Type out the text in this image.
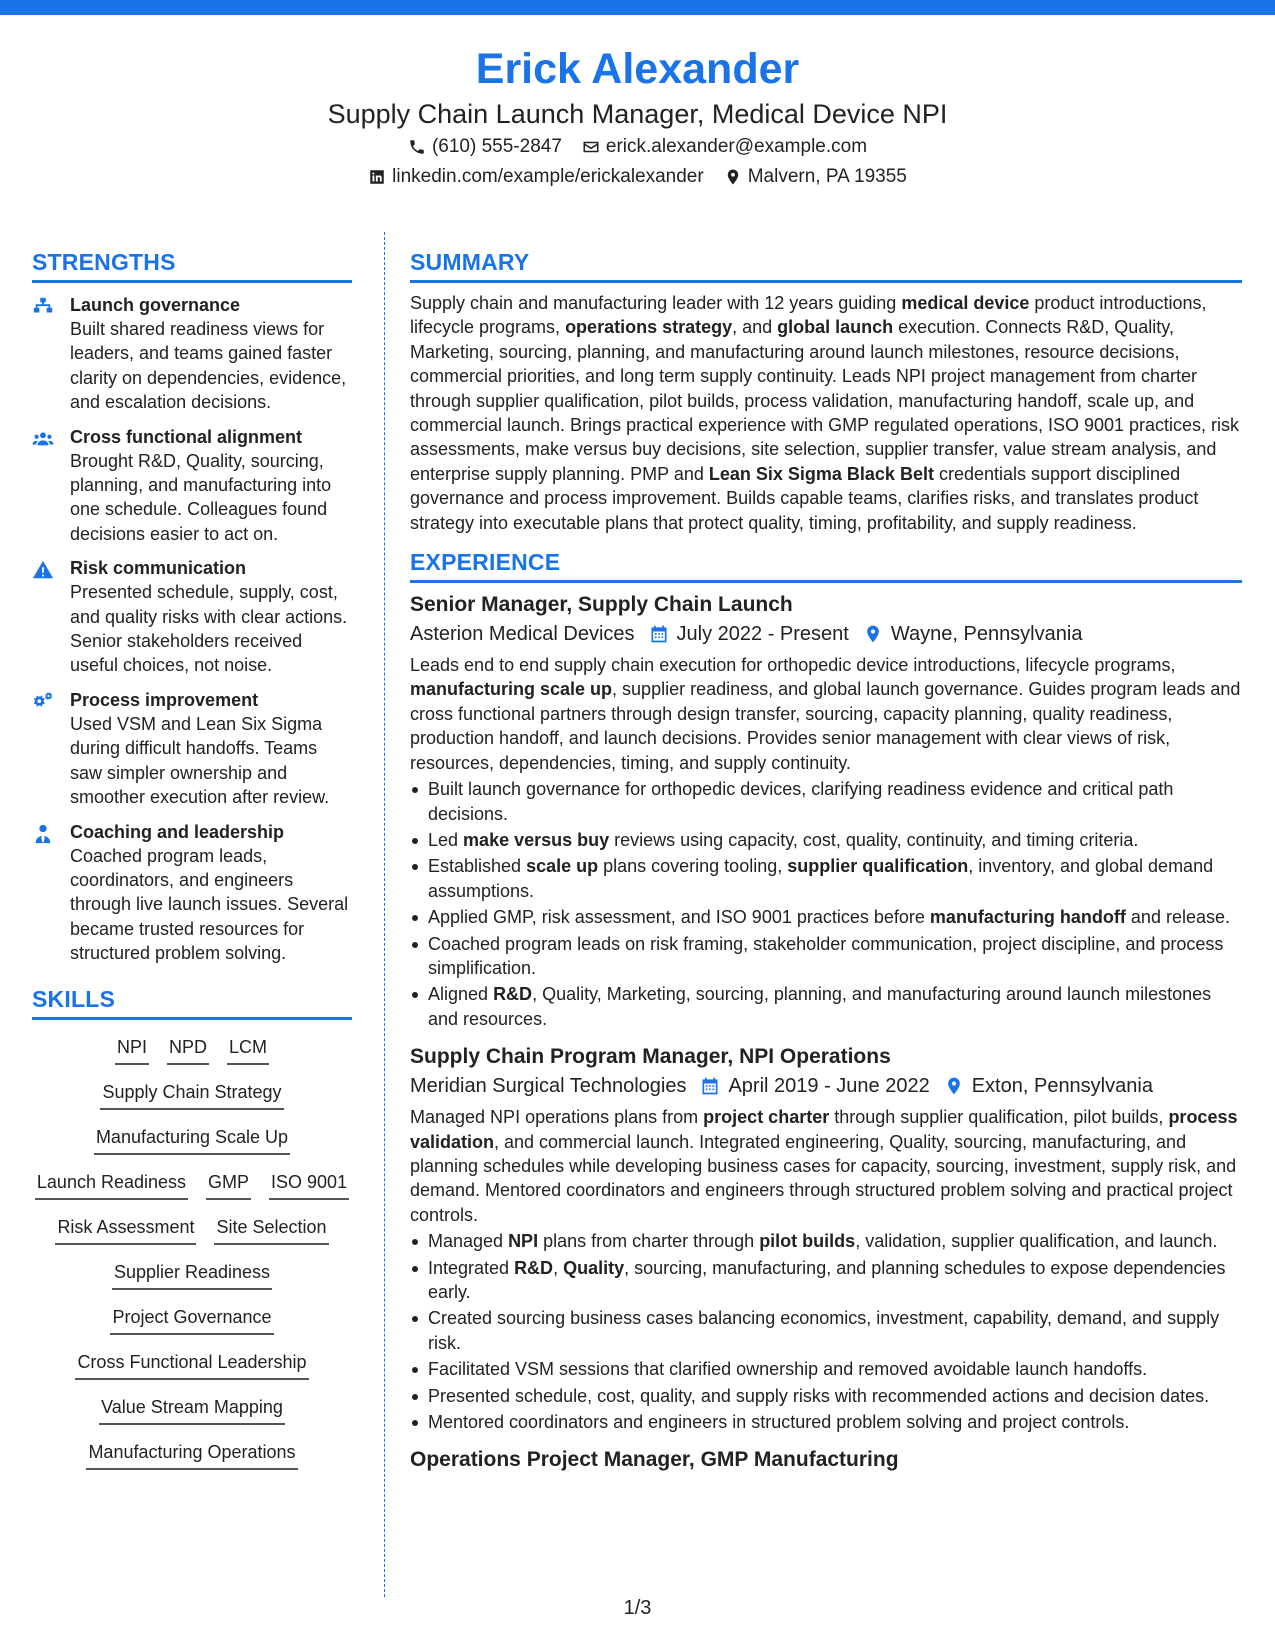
Erick Alexander
Supply Chain Launch Manager, Medical Device NPI
(610) 555-2847 erick.alexander@example.com
linkedin.com/example/erickalexander Malvern, PA 19355
STRENGTHS
Launch governance
Built shared readiness views for leaders, and teams gained faster clarity on dependencies, evidence, and escalation decisions.
Cross functional alignment
Brought R&D, Quality, sourcing, planning, and manufacturing into one schedule. Colleagues found decisions easier to act on.
Risk communication
Presented schedule, supply, cost, and quality risks with clear actions. Senior stakeholders received useful choices, not noise.
Process improvement
Used VSM and Lean Six Sigma during difficult handoffs. Teams saw simpler ownership and smoother execution after review.
Coaching and leadership
Coached program leads, coordinators, and engineers through live launch issues. Several became trusted resources for structured problem solving.
SKILLS
NPI NPD LCM
Supply Chain Strategy
Manufacturing Scale Up
Launch Readiness GMP ISO 9001
Risk Assessment Site Selection
Supplier Readiness
Project Governance
Cross Functional Leadership
Value Stream Mapping
Manufacturing Operations
SUMMARY
Supply chain and manufacturing leader with 12 years guiding medical device product introductions, lifecycle programs, operations strategy, and global launch execution. Connects R&D, Quality, Marketing, sourcing, planning, and manufacturing around launch milestones, resource decisions, commercial priorities, and long term supply continuity. Leads NPI project management from charter through supplier qualification, pilot builds, process validation, manufacturing handoff, scale up, and commercial launch. Brings practical experience with GMP regulated operations, ISO 9001 practices, risk assessments, make versus buy decisions, site selection, supplier transfer, value stream analysis, and enterprise supply planning. PMP and Lean Six Sigma Black Belt credentials support disciplined governance and process improvement. Builds capable teams, clarifies risks, and translates product strategy into executable plans that protect quality, timing, profitability, and supply readiness.
EXPERIENCE
Senior Manager, Supply Chain Launch
Asterion Medical Devices July 2022 - Present Wayne, Pennsylvania
Leads end to end supply chain execution for orthopedic device introductions, lifecycle programs, manufacturing scale up, supplier readiness, and global launch governance. Guides program leads and cross functional partners through design transfer, sourcing, capacity planning, quality readiness, production handoff, and launch decisions. Provides senior management with clear views of risk, resources, dependencies, timing, and supply continuity.
Built launch governance for orthopedic devices, clarifying readiness evidence and critical path decisions.
Led make versus buy reviews using capacity, cost, quality, continuity, and timing criteria.
Established scale up plans covering tooling, supplier qualification, inventory, and global demand assumptions.
Applied GMP, risk assessment, and ISO 9001 practices before manufacturing handoff and release.
Coached program leads on risk framing, stakeholder communication, project discipline, and process simplification.
Aligned R&D, Quality, Marketing, sourcing, planning, and manufacturing around launch milestones and resources.
Supply Chain Program Manager, NPI Operations
Meridian Surgical Technologies April 2019 - June 2022 Exton, Pennsylvania
Managed NPI operations plans from project charter through supplier qualification, pilot builds, process validation, and commercial launch. Integrated engineering, Quality, sourcing, manufacturing, and planning schedules while developing business cases for capacity, sourcing, investment, supply risk, and demand. Mentored coordinators and engineers through structured problem solving and practical project controls.
Managed NPI plans from charter through pilot builds, validation, supplier qualification, and launch.
Integrated R&D, Quality, sourcing, manufacturing, and planning schedules to expose dependencies early.
Created sourcing business cases balancing economics, investment, capability, demand, and supply risk.
Facilitated VSM sessions that clarified ownership and removed avoidable launch handoffs.
Presented schedule, cost, quality, and supply risks with recommended actions and decision dates.
Mentored coordinators and engineers in structured problem solving and project controls.
Operations Project Manager, GMP Manufacturing
1/3
